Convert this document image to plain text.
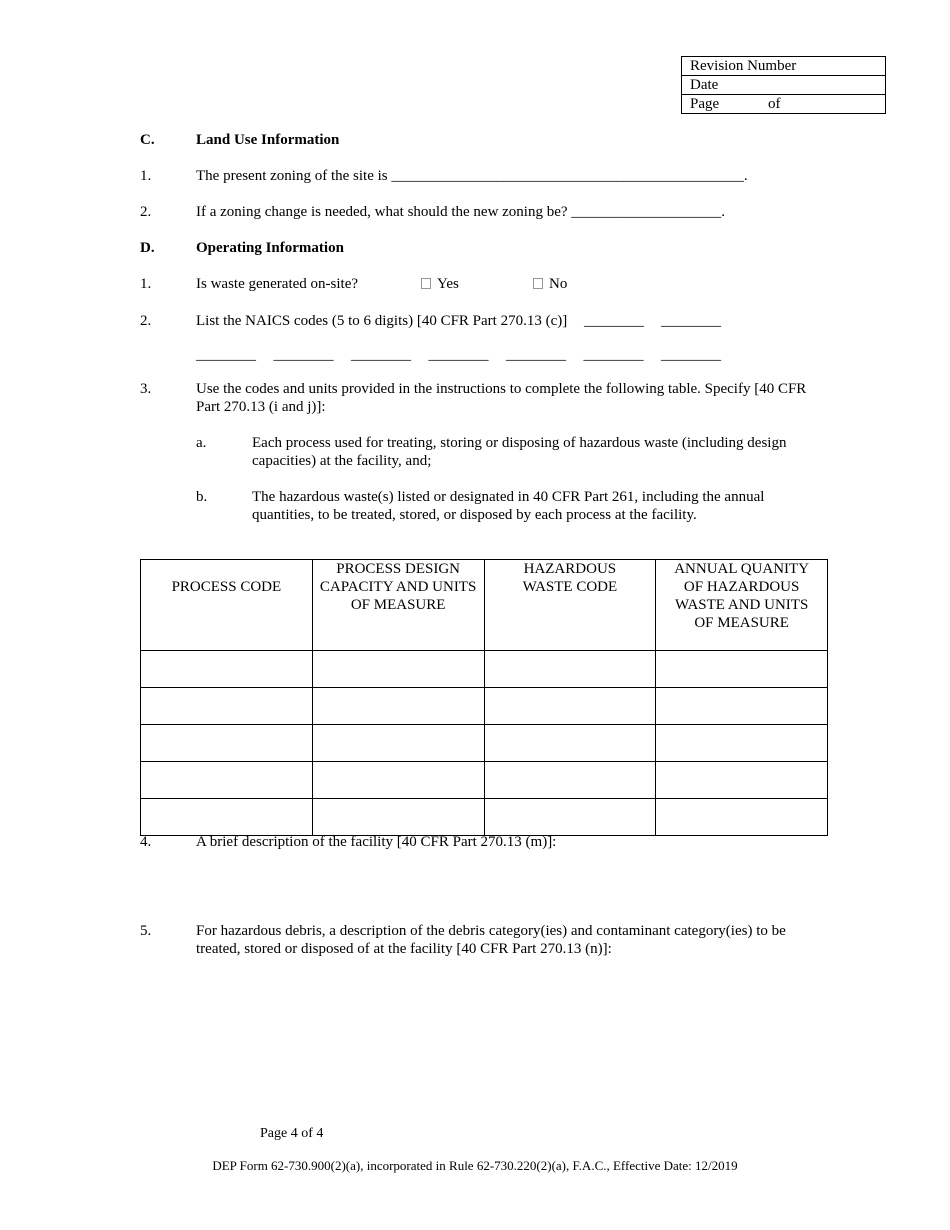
Revision Number
Date
Page	of
C.	Land Use Information
1.	The present zoning of the site is _______________________________________________.
2.	If a zoning change is needed, what should the new zoning be? ____________________.
D.	Operating Information
1.	Is waste generated on-site?	Yes	No
2.	List the NAICS codes (5 to 6 digits) [40 CFR Part 270.13 (c)] ________ ________
________ ________ ________ ________ ________ ________ ________
3.	Use the codes and units provided in the instructions to complete the following table. Specify [40 CFR Part 270.13 (i and j)]:
a.	Each process used for treating, storing or disposing of hazardous waste (including design capacities) at the facility, and;
b.	The hazardous waste(s) listed or designated in 40 CFR Part 261, including the annual quantities, to be treated, stored, or disposed by each process at the facility.
PROCESS CODE	PROCESS DESIGN CAPACITY AND UNITS OF MEASURE	HAZARDOUS WASTE CODE	ANNUAL QUANITY OF HAZARDOUS WASTE AND UNITS OF MEASURE

4.	A brief description of the facility [40 CFR Part 270.13 (m)]:
5.	For hazardous debris, a description of the debris category(ies) and contaminant category(ies) to be treated, stored or disposed of at the facility [40 CFR Part 270.13 (n)]:
Page 4 of 4
DEP Form 62-730.900(2)(a), incorporated in Rule 62-730.220(2)(a), F.A.C., Effective Date: 12/2019
